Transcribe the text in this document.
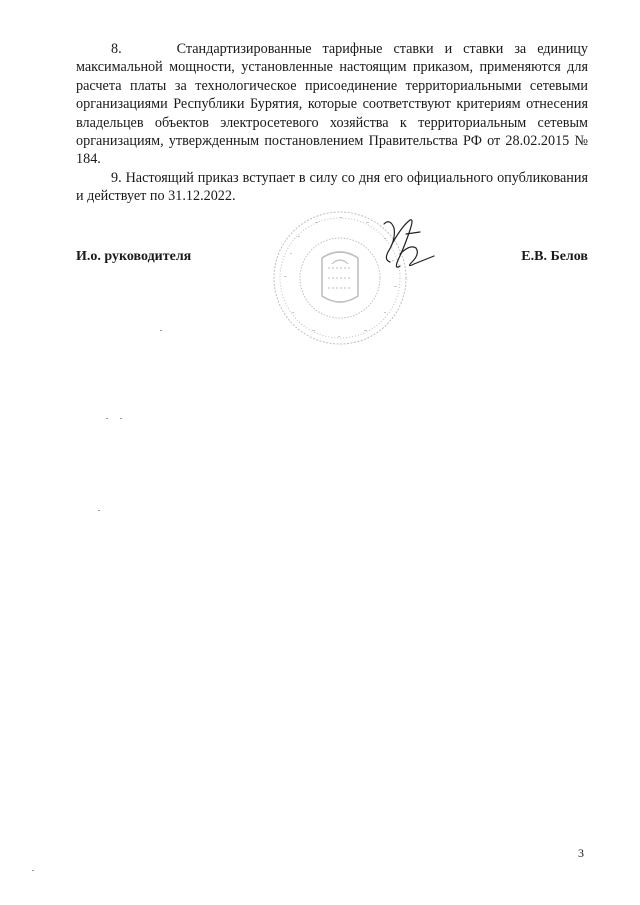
8.     Стандартизированные тарифные ставки и ставки за единицу максимальной мощности, установленные настоящим приказом, применяются для расчета платы за технологическое присоединение территориальными сетевыми организациями Республики Бурятия, которые соответствуют критериям отнесения владельцев объектов электросетевого хозяйства к территориальным сетевым организациям, утвержденным постановлением Правительства РФ от 28.02.2015 № 184.

9. Настоящий приказ вступает в силу со дня его официального опубликования и действует по 31.12.2022.

И.о. руководителя	Е.В. Белов
3
